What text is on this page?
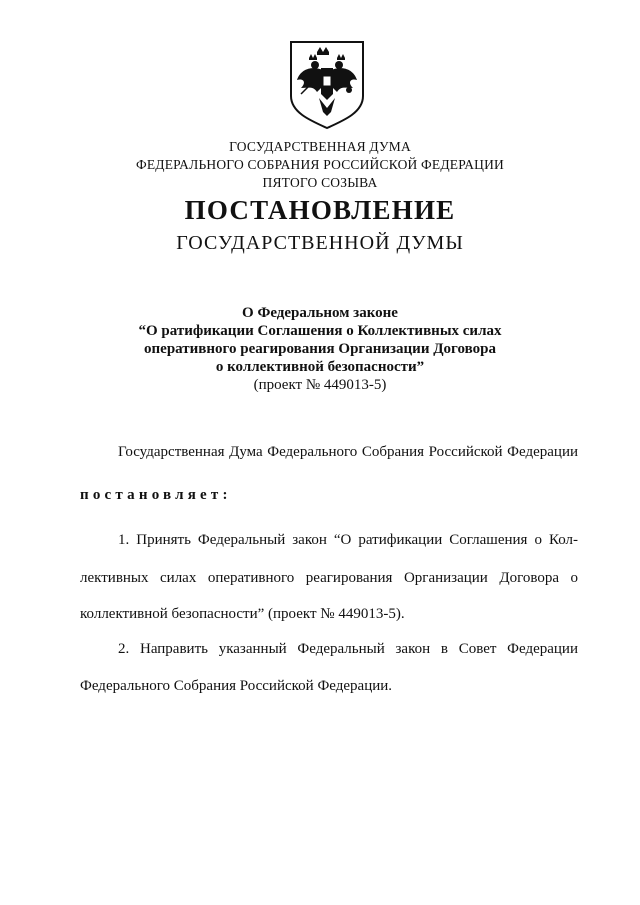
ГОСУДАРСТВЕННАЯ ДУМА
ФЕДЕРАЛЬНОГО СОБРАНИЯ РОССИЙСКОЙ ФЕДЕРАЦИИ
ПЯТОГО СОЗЫВА
ПОСТАНОВЛЕНИЕ
ГОСУДАРСТВЕННОЙ ДУМЫ
О Федеральном законе
“О ратификации Соглашения о Коллективных силах
оперативного реагирования Организации Договора
о коллективной безопасности”
(проект № 449013-5)
Государственная Дума Федерального Собрания Российской Федерации
постановляет:
1. Принять Федеральный закон “О ратификации Соглашения о Кол-
лективных силах оперативного реагирования Организации Договора о
коллективной безопасности” (проект № 449013-5).
2. Направить указанный Федеральный закон в Совет Федерации
Федерального Собрания Российской Федерации.
